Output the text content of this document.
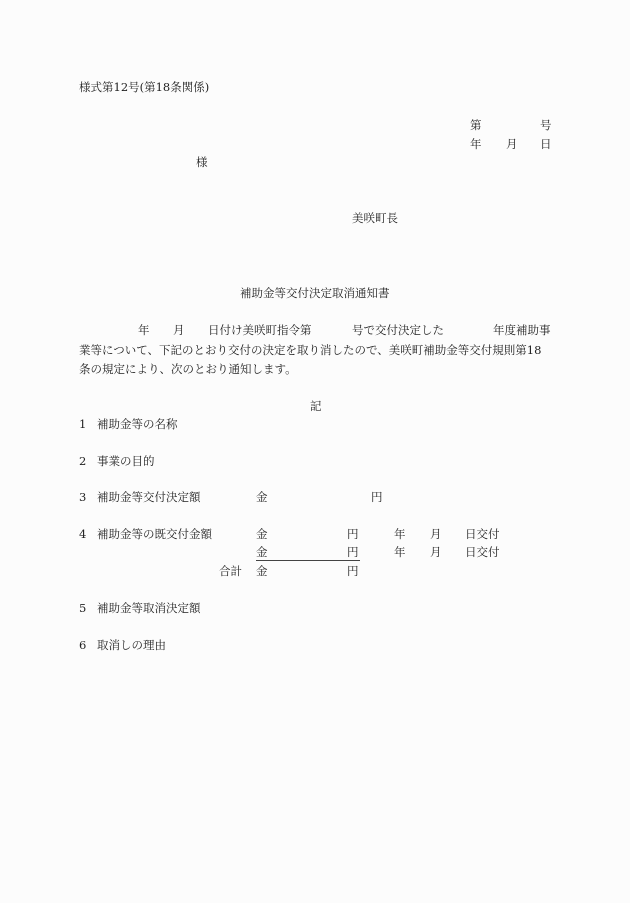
様式第12号(第18条関係)
第	号
年 月 日
様
美咲町長
補助金等交付決定取消通知書
年 月 日付け美咲町指令第	号で交付決定した	年度補助事
業等について、下記のとおり交付の決定を取り消したので、美咲町補助金等交付規則第18
条の規定により、次のとおり通知します。
記
1 補助金等の名称
2 事業の目的
3 補助金等交付決定額	金	円
4 補助金等の既交付金額	金	円	年 月 日交付
金	円	年 月 日交付
合計 金	円
5 補助金等取消決定額
6 取消しの理由
